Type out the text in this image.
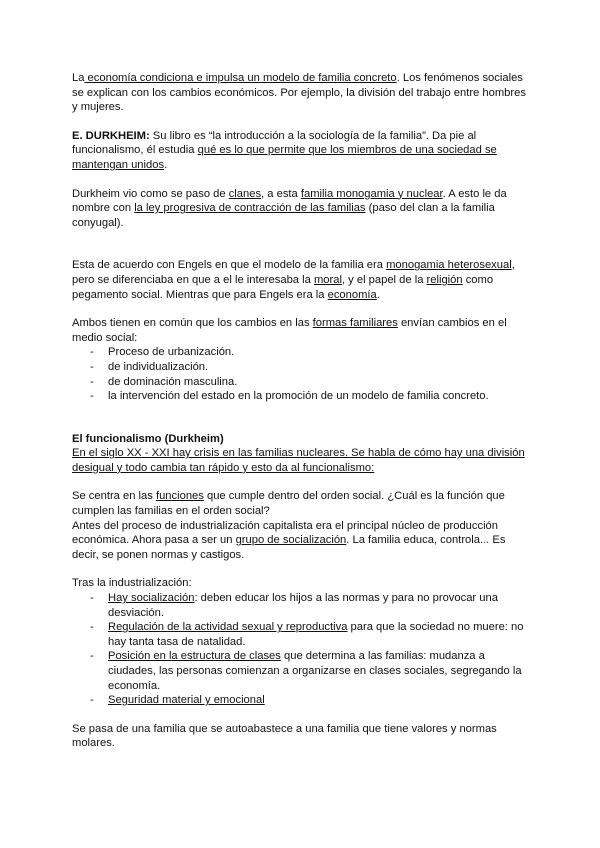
La economía condiciona e impulsa un modelo de familia concreto. Los fenómenos sociales se explican con los cambios económicos. Por ejemplo, la división del trabajo entre hombres y mujeres.

E. DURKHEIM: Su libro es “la introducción a la sociología de la familia”. Da pie al funcionalismo, él estudia qué es lo que permite que los miembros de una sociedad se mantengan unidos.

Durkheim vio como se paso de clanes, a esta familia monogamia y nuclear. A esto le da nombre con la ley progresiva de contracción de las familias (paso del clan a la familia conyugal).

Esta de acuerdo con Engels en que el modelo de la familia era monogamia heterosexual, pero se diferenciaba en que a el le interesaba la moral, y el papel de la religión como pegamento social. Mientras que para Engels era la economía.

Ambos tienen en común que los cambios en las formas familiares envían cambios en el medio social:

- Proceso de urbanización.
- de individualización.
- de dominación masculina.
- la intervención del estado en la promoción de un modelo de familia concreto.

El funcionalismo (Durkheim)

En el siglo XX - XXI hay crisis en las familias nucleares. Se habla de cómo hay una división desigual y todo cambia tan rápido y esto da al funcionalismo:

Se centra en las funciones que cumple dentro del orden social. ¿Cuál es la función que cumplen las familias en el orden social?

Antes del proceso de industrialización capitalista era el principal núcleo de producción económica. Ahora pasa a ser un grupo de socialización. La familia educa, controla... Es decir, se ponen normas y castigos.

Tras la industrialización:

- Hay socialización: deben educar los hijos a las normas y para no provocar una desviación.
- Regulación de la actividad sexual y reproductiva para que la sociedad no muere: no hay tanta tasa de natalidad.
- Posición en la estructura de clases que determina a las familias: mudanza a ciudades, las personas comienzan a organizarse en clases sociales, segregando la economía.
- Seguridad material y emocional

Se pasa de una familia que se autoabastece a una familia que tiene valores y normas molares.
